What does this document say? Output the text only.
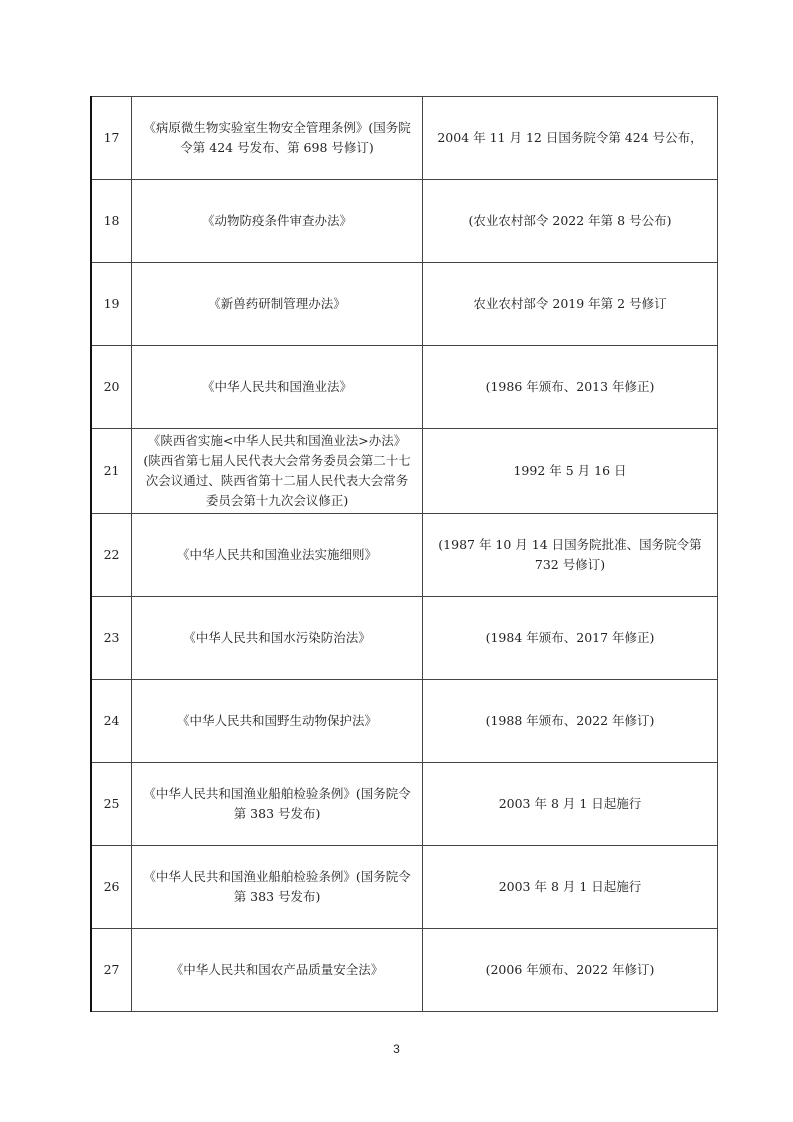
17	《病原微生物实验室生物安全管理条例》(国务院令第 424 号发布、第 698 号修订)	2004 年 11 月 12 日国务院令第 424 号公布，
18	《动物防疫条件审查办法》	(农业农村部令 2022 年第 8 号公布)
19	《新兽药研制管理办法》	农业农村部令 2019 年第 2 号修订
20	《中华人民共和国渔业法》	(1986 年颁布、2013 年修正)
21	《陕西省实施<中华人民共和国渔业法>办法》(陕西省第七届人民代表大会常务委员会第二十七次会议通过、陕西省第十二届人民代表大会常务委员会第十九次会议修正)	1992 年 5 月 16 日
22	《中华人民共和国渔业法实施细则》	(1987 年 10 月 14 日国务院批准、国务院令第 732 号修订)
23	《中华人民共和国水污染防治法》	(1984 年颁布、2017 年修正)
24	《中华人民共和国野生动物保护法》	(1988 年颁布、2022 年修订)
25	《中华人民共和国渔业船舶检验条例》(国务院令第 383 号发布)	2003 年 8 月 1 日起施行
26	《中华人民共和国渔业船舶检验条例》(国务院令第 383 号发布)	2003 年 8 月 1 日起施行
27	《中华人民共和国农产品质量安全法》	(2006 年颁布、2022 年修订)
3
